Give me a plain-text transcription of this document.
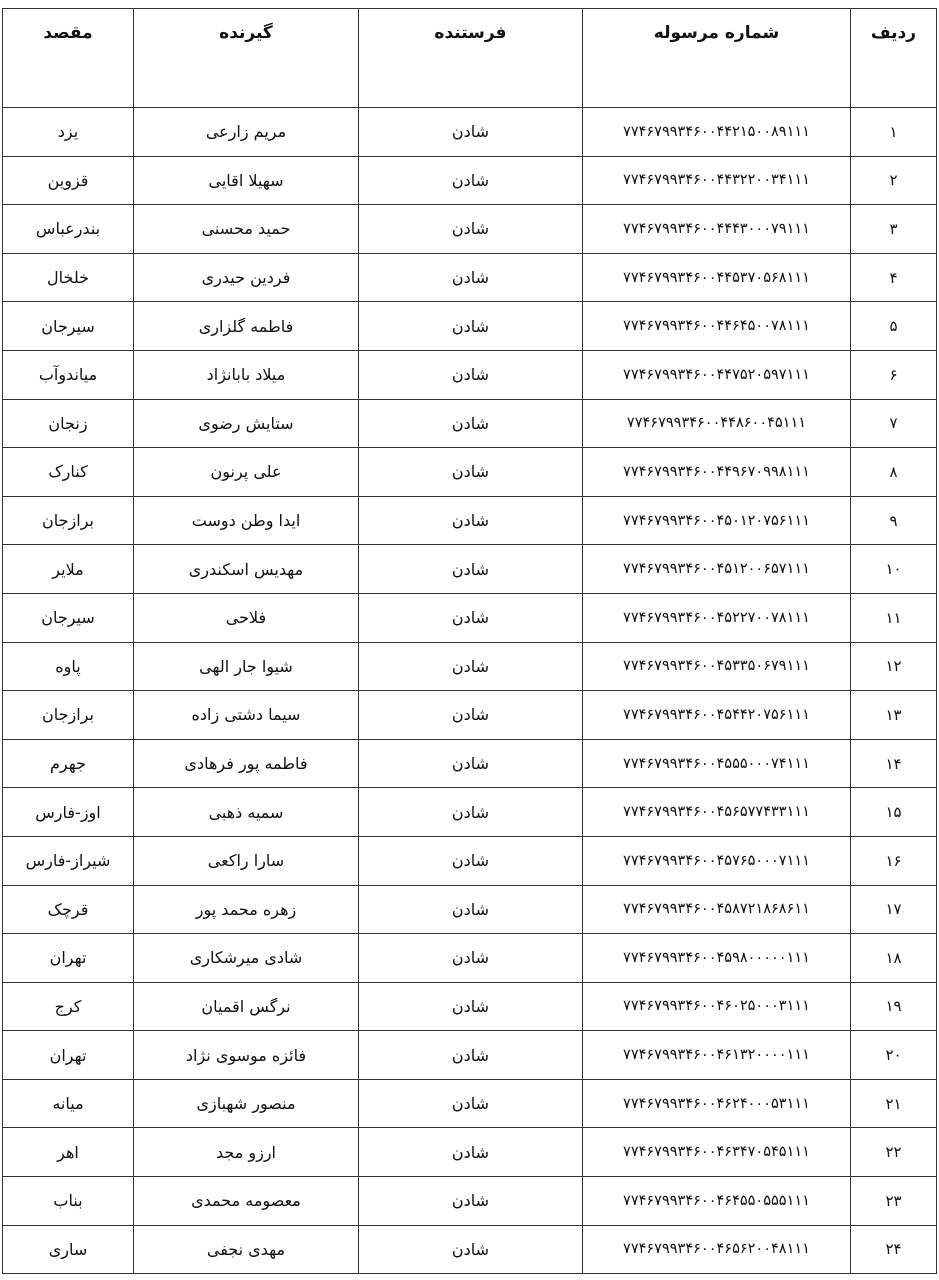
مقصد	گیرنده	فرستنده	شماره مرسوله	ردیف
یزد	مریم زارعی	شادن	۷۷۴۶۷۹۹۳۴۶۰۰۴۴۲۱۵۰۰۸۹۱۱۱	۱
قزوین	سهیلا اقایی	شادن	۷۷۴۶۷۹۹۳۴۶۰۰۴۴۳۲۲۰۰۳۴۱۱۱	۲
بندرعباس	حمید محسنی	شادن	۷۷۴۶۷۹۹۳۴۶۰۰۴۴۴۳۰۰۰۷۹۱۱۱	۳
خلخال	فردین حیدری	شادن	۷۷۴۶۷۹۹۳۴۶۰۰۴۴۵۳۷۰۵۶۸۱۱۱	۴
سیرجان	فاطمه گلزاری	شادن	۷۷۴۶۷۹۹۳۴۶۰۰۴۴۶۴۵۰۰۷۸۱۱۱	۵
میاندوآب	میلاد بابانژاد	شادن	۷۷۴۶۷۹۹۳۴۶۰۰۴۴۷۵۲۰۵۹۷۱۱۱	۶
زنجان	ستایش رضوی	شادن	۷۷۴۶۷۹۹۳۴۶۰۰۴۴۸۶۰۰۴۵۱۱۱	۷
کنارک	علی پرنون	شادن	۷۷۴۶۷۹۹۳۴۶۰۰۴۴۹۶۷۰۹۹۸۱۱۱	۸
برازجان	ایدا وطن دوست	شادن	۷۷۴۶۷۹۹۳۴۶۰۰۴۵۰۱۲۰۷۵۶۱۱۱	۹
ملایر	مهدیس اسکندری	شادن	۷۷۴۶۷۹۹۳۴۶۰۰۴۵۱۲۰۰۶۵۷۱۱۱	۱۰
سیرجان	فلاحی	شادن	۷۷۴۶۷۹۹۳۴۶۰۰۴۵۲۲۷۰۰۷۸۱۱۱	۱۱
پاوه	شیوا جار الهی	شادن	۷۷۴۶۷۹۹۳۴۶۰۰۴۵۳۳۵۰۶۷۹۱۱۱	۱۲
برازجان	سیما دشتی زاده	شادن	۷۷۴۶۷۹۹۳۴۶۰۰۴۵۴۴۲۰۷۵۶۱۱۱	۱۳
جهرم	فاطمه پور فرهادی	شادن	۷۷۴۶۷۹۹۳۴۶۰۰۴۵۵۵۰۰۰۷۴۱۱۱	۱۴
اوز-فارس	سمیه ذهبی	شادن	۷۷۴۶۷۹۹۳۴۶۰۰۴۵۶۵۷۷۴۳۳۱۱۱	۱۵
شیراز-فارس	سارا راکعی	شادن	۷۷۴۶۷۹۹۳۴۶۰۰۴۵۷۶۵۰۰۰۷۱۱۱	۱۶
قرچک	زهره محمد پور	شادن	۷۷۴۶۷۹۹۳۴۶۰۰۴۵۸۷۲۱۸۶۸۶۱۱	۱۷
تهران	شادی میرشکاری	شادن	۷۷۴۶۷۹۹۳۴۶۰۰۴۵۹۸۰۰۰۰۰۱۱۱	۱۸
کرج	نرگس اقمیان	شادن	۷۷۴۶۷۹۹۳۴۶۰۰۴۶۰۲۵۰۰۰۳۱۱۱	۱۹
تهران	فائزه موسوی نژاد	شادن	۷۷۴۶۷۹۹۳۴۶۰۰۴۶۱۳۲۰۰۰۰۱۱۱	۲۰
میانه	منصور شهبازی	شادن	۷۷۴۶۷۹۹۳۴۶۰۰۴۶۲۴۰۰۰۵۳۱۱۱	۲۱
اهر	ارزو مجد	شادن	۷۷۴۶۷۹۹۳۴۶۰۰۴۶۳۴۷۰۵۴۵۱۱۱	۲۲
بناب	معصومه محمدی	شادن	۷۷۴۶۷۹۹۳۴۶۰۰۴۶۴۵۵۰۵۵۵۱۱۱	۲۳
ساری	مهدی نجفی	شادن	۷۷۴۶۷۹۹۳۴۶۰۰۴۶۵۶۲۰۰۴۸۱۱۱	۲۴
